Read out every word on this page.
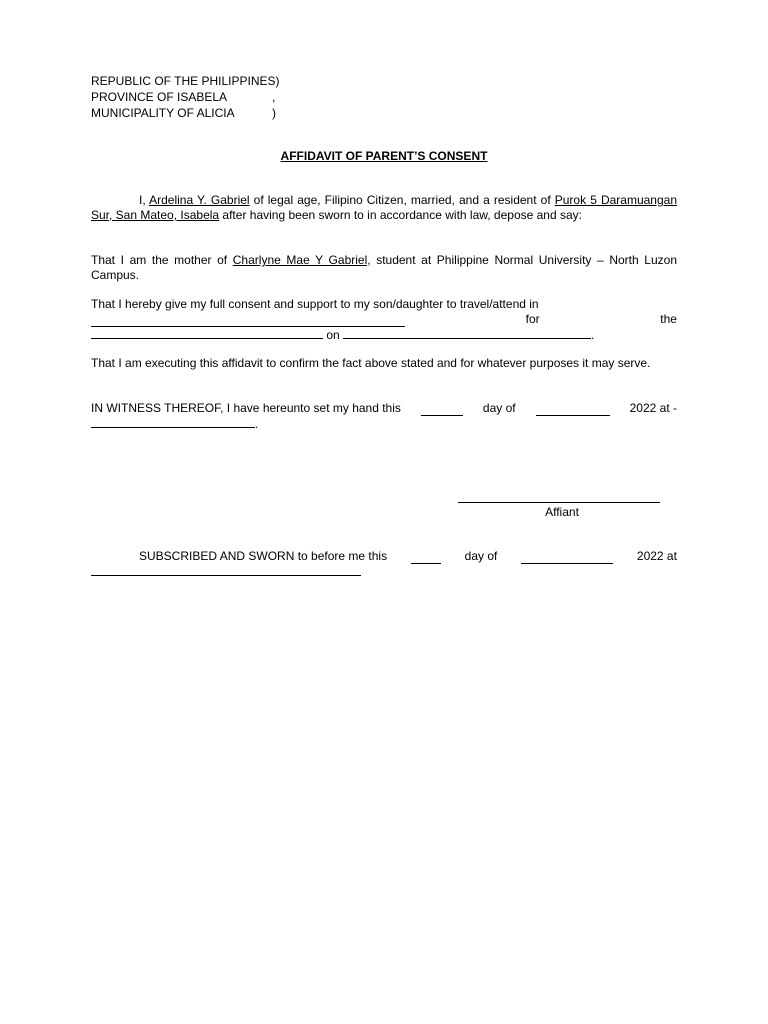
REPUBLIC OF THE PHILIPPINES)
PROVINCE OF ISABELA	,
MUNICIPALITY OF ALICIA	)
AFFIDAVIT OF PARENT’S CONSENT
I, Ardelina Y. Gabriel of legal age, Filipino Citizen, married, and a resident of Purok 5 Daramuangan Sur, San Mateo, Isabela after having been sworn to in accordance with law, depose and say:
That I am the mother of Charlyne Mae Y Gabriel, student at Philippine Normal University – North Luzon Campus.
That I hereby give my full consent and support to my son/daughter to travel/attend in
for	the
on	.
That I am executing this affidavit to confirm the fact above stated and for whatever purposes it may serve.
IN WITNESS THEREOF, I have hereunto set my hand this	day of	2022 at -
.
Affiant
SUBSCRIBED AND SWORN to before me this	day of	2022 at
